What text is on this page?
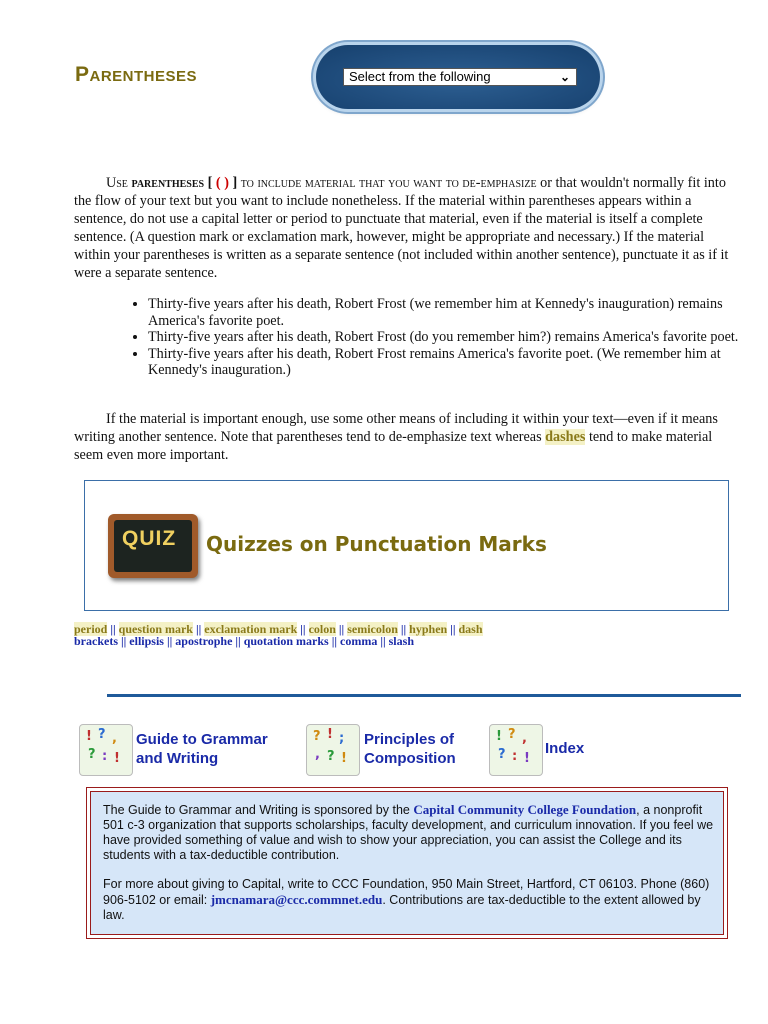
Parentheses	Select from the following	⌄
Use parentheses [ ( ) ] to include material that you want to de-emphasize or that wouldn't normally fit into the flow of your text but you want to include nonetheless. If the material within parentheses appears within a sentence, do not use a capital letter or period to punctuate that material, even if the material is itself a complete sentence. (A question mark or exclamation mark, however, might be appropriate and necessary.) If the material within your parentheses is written as a separate sentence (not included within another sentence), punctuate it as if it were a separate sentence.
• Thirty-five years after his death, Robert Frost (we remember him at Kennedy's inauguration) remains America's favorite poet.
• Thirty-five years after his death, Robert Frost (do you remember him?) remains America's favorite poet.
• Thirty-five years after his death, Robert Frost remains America's favorite poet. (We remember him at Kennedy's inauguration.)
If the material is important enough, use some other means of including it within your text—even if it means writing another sentence. Note that parentheses tend to de-emphasize text whereas dashes tend to make material seem even more important.
QUIZ Quizzes on Punctuation Marks
period || question mark || exclamation mark || colon || semicolon || hyphen || dash
brackets || ellipsis || apostrophe || quotation marks || comma || slash
! ? ,
? : !
Guide to Grammar
and Writing
? ! ;
, ? !
Principles of
Composition
! ? ,
? : !
Index
The Guide to Grammar and Writing is sponsored by the Capital Community College Foundation, a nonprofit 501 c-3 organization that supports scholarships, faculty development, and curriculum innovation. If you feel we have provided something of value and wish to show your appreciation, you can assist the College and its students with a tax-deductible contribution.
For more about giving to Capital, write to CCC Foundation, 950 Main Street, Hartford, CT 06103. Phone (860) 906-5102 or email: jmcnamara@ccc.commnet.edu. Contributions are tax-deductible to the extent allowed by law.
